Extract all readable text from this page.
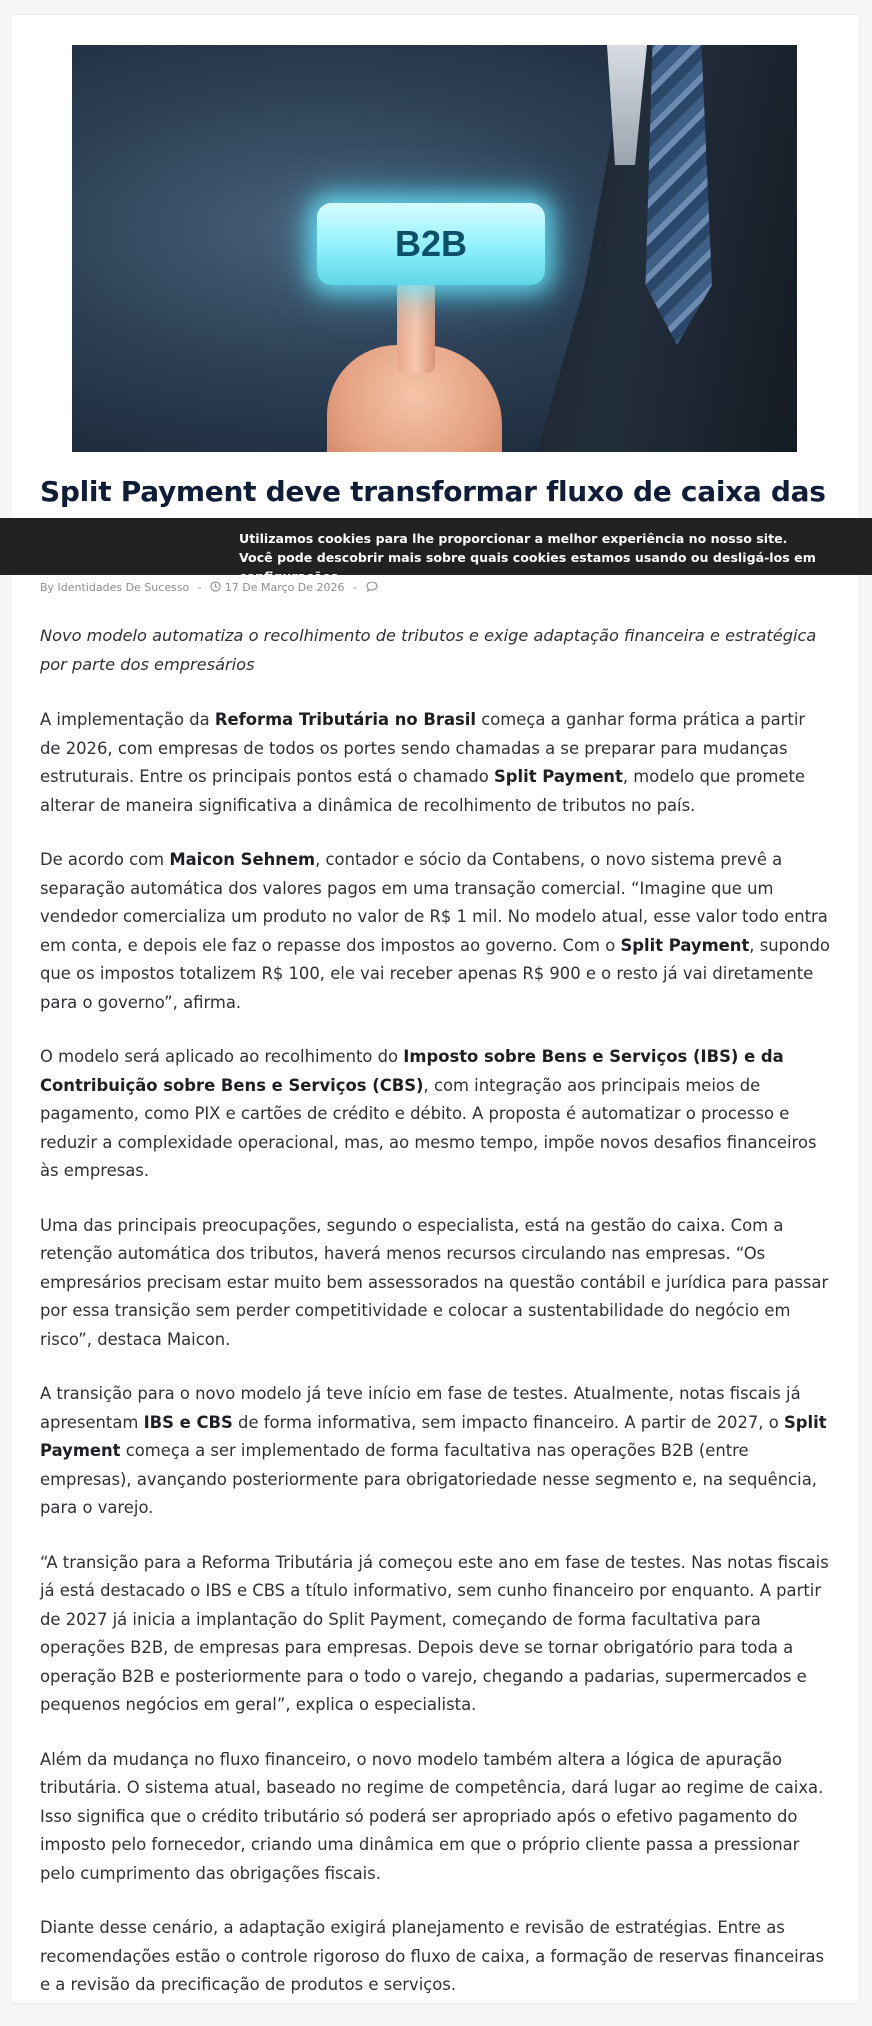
B2B
Split Payment deve transformar fluxo de caixa das
Utilizamos cookies para lhe proporcionar a melhor experiência no nosso site.
Você pode descobrir mais sobre quais cookies estamos usando ou desligá-los em configurações.
By Identidades De Sucesso - 17 De Março De 2026 -

Novo modelo automatiza o recolhimento de tributos e exige adaptação financeira e estratégica por parte dos empresários

A implementação da Reforma Tributária no Brasil começa a ganhar forma prática a partir de 2026, com empresas de todos os portes sendo chamadas a se preparar para mudanças estruturais. Entre os principais pontos está o chamado Split Payment, modelo que promete alterar de maneira significativa a dinâmica de recolhimento de tributos no país.

De acordo com Maicon Sehnem, contador e sócio da Contabens, o novo sistema prevê a separação automática dos valores pagos em uma transação comercial. “Imagine que um vendedor comercializa um produto no valor de R$ 1 mil. No modelo atual, esse valor todo entra em conta, e depois ele faz o repasse dos impostos ao governo. Com o Split Payment, supondo que os impostos totalizem R$ 100, ele vai receber apenas R$ 900 e o resto já vai diretamente para o governo”, afirma.

O modelo será aplicado ao recolhimento do Imposto sobre Bens e Serviços (IBS) e da Contribuição sobre Bens e Serviços (CBS), com integração aos principais meios de pagamento, como PIX e cartões de crédito e débito. A proposta é automatizar o processo e reduzir a complexidade operacional, mas, ao mesmo tempo, impõe novos desafios financeiros às empresas.

Uma das principais preocupações, segundo o especialista, está na gestão do caixa. Com a retenção automática dos tributos, haverá menos recursos circulando nas empresas. “Os empresários precisam estar muito bem assessorados na questão contábil e jurídica para passar por essa transição sem perder competitividade e colocar a sustentabilidade do negócio em risco”, destaca Maicon.

A transição para o novo modelo já teve início em fase de testes. Atualmente, notas fiscais já apresentam IBS e CBS de forma informativa, sem impacto financeiro. A partir de 2027, o Split Payment começa a ser implementado de forma facultativa nas operações B2B (entre empresas), avançando posteriormente para obrigatoriedade nesse segmento e, na sequência, para o varejo.

“A transição para a Reforma Tributária já começou este ano em fase de testes. Nas notas fiscais já está destacado o IBS e CBS a título informativo, sem cunho financeiro por enquanto. A partir de 2027 já inicia a implantação do Split Payment, começando de forma facultativa para operações B2B, de empresas para empresas. Depois deve se tornar obrigatório para toda a operação B2B e posteriormente para o todo o varejo, chegando a padarias, supermercados e pequenos negócios em geral”, explica o especialista.

Além da mudança no fluxo financeiro, o novo modelo também altera a lógica de apuração tributária. O sistema atual, baseado no regime de competência, dará lugar ao regime de caixa. Isso significa que o crédito tributário só poderá ser apropriado após o efetivo pagamento do imposto pelo fornecedor, criando uma dinâmica em que o próprio cliente passa a pressionar pelo cumprimento das obrigações fiscais.

Diante desse cenário, a adaptação exigirá planejamento e revisão de estratégias. Entre as recomendações estão o controle rigoroso do fluxo de caixa, a formação de reservas financeiras e a revisão da precificação de produtos e serviços.
